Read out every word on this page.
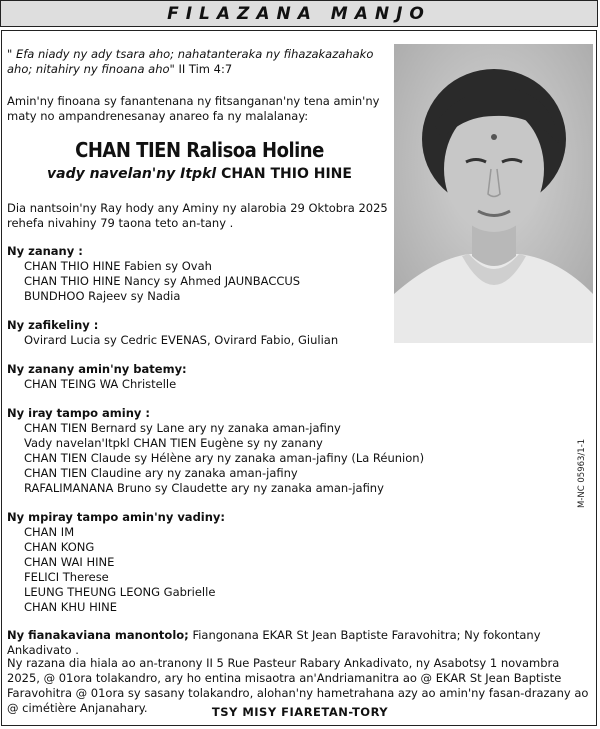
FILAZANA MANJO
" Efa niady ny ady tsara aho; nahatanteraka ny fihazakazahako aho; nitahiry ny finoana aho" II Tim 4:7
Amin'ny finoana sy fanantenana ny fitsanganan'ny tena amin'ny maty no ampandrenesanay anareo fa ny malalanay:
CHAN TIEN Ralisoa Holine
vady navelan'ny Itpkl CHAN THIO HINE
Dia nantsoin'ny Ray hody any Aminy ny alarobia 29 Oktobra 2025 rehefa nivahiny 79 taona teto an-tany .
Ny zanany :
CHAN THIO HINE Fabien sy Ovah
CHAN THIO HINE Nancy sy Ahmed JAUNBACCUS
BUNDHOO Rajeev sy Nadia
Ny zafikeliny :
Ovirard Lucia sy Cedric EVENAS, Ovirard Fabio, Giulian
Ny zanany amin'ny batemy:
CHAN TEING WA Christelle
Ny iray tampo aminy :
CHAN TIEN Bernard sy Lane ary ny zanaka aman-jafiny
Vady navelan'Itpkl CHAN TIEN Eugène sy ny zanany
CHAN TIEN Claude sy Hélène ary ny zanaka aman-jafiny (La Réunion)
CHAN TIEN Claudine ary ny zanaka aman-jafiny
RAFALIMANANA Bruno sy Claudette ary ny zanaka aman-jafiny
Ny mpiray tampo amin'ny vadiny:
CHAN IM
CHAN KONG
CHAN WAI HINE
FELICI Therese
LEUNG THEUNG LEONG Gabrielle
CHAN KHU HINE
M-NC 05963/1-1
Ny fianakaviana manontolo; Fiangonana EKAR St Jean Baptiste Faravohitra; Ny fokontany Ankadivato .
Ny razana dia hiala ao an-tranony II 5 Rue Pasteur Rabary Ankadivato, ny Asabotsy 1 novambra 2025, @ 01ora tolakandro, ary ho entina misaotra an'Andriamanitra ao @ EKAR St Jean Baptiste Faravohitra @ 01ora sy sasany tolakandro, alohan'ny hametrahana azy ao amin'ny fasan-drazany ao @ cimétière Anjanahary.	TSY MISY FIARETAN-TORY
